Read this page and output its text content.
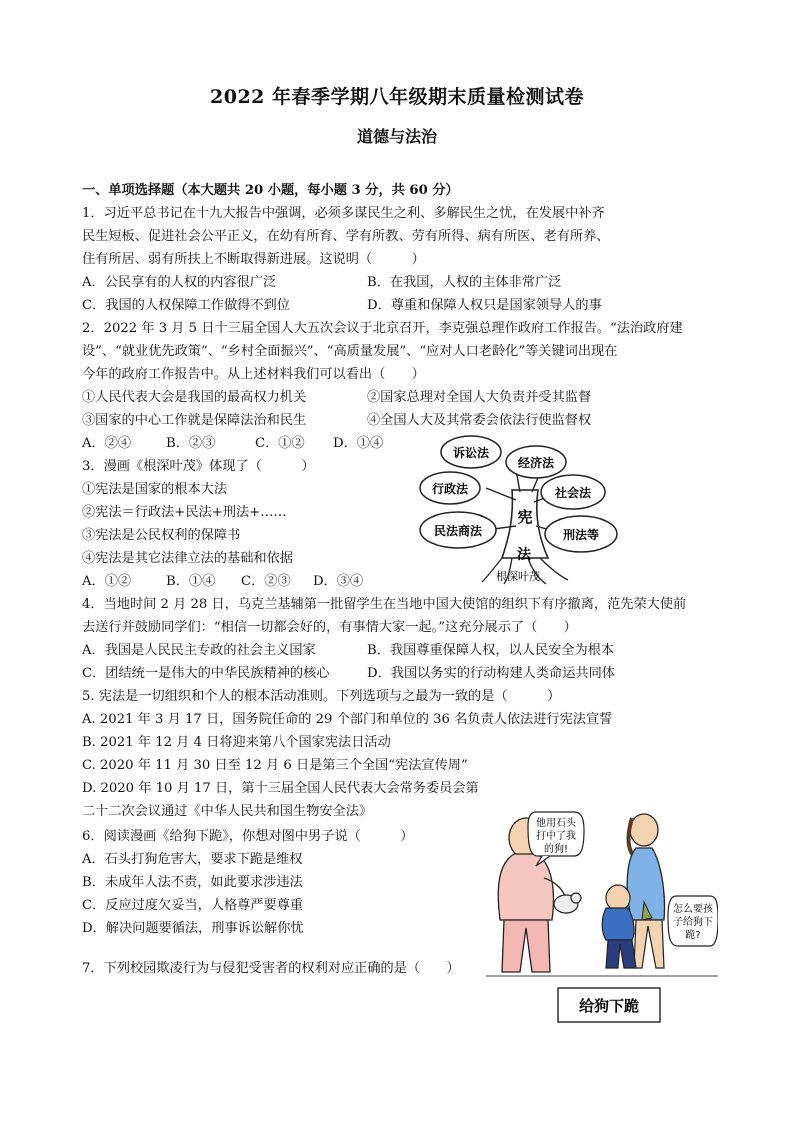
2022 年春季学期八年级期末质量检测试卷
道德与法治
一、单项选择题（本大题共 20 小题，每小题 3 分，共 60 分）
1．习近平总书记在十九大报告中强调，必须多谋民生之利、多解民生之忧，在发展中补齐
民生短板、促进社会公平正义，在幼有所育、学有所教、劳有所得、病有所医、老有所养、
住有所居、弱有所扶上不断取得新进展。这说明（　　　）
A．公民享有的人权的内容很广泛	B．在我国，人权的主体非常广泛
C．我国的人权保障工作做得不到位	D．尊重和保障人权只是国家领导人的事
2．2022 年 3 月 5 日十三届全国人大五次会议于北京召开，李克强总理作政府工作报告。“法治政府建
设”、“就业优先政策”、“乡村全面振兴”、“高质量发展”、“应对人口老龄化”等关键词出现在
今年的政府工作报告中。从上述材料我们可以看出（　　）
①人民代表大会是我国的最高权力机关	②国家总理对全国人大负责并受其监督
③国家的中心工作就是保障法治和民生	④全国人大及其常委会依法行使监督权
A．②④	B．②③	C．①② D．①④
3．漫画《根深叶茂》体现了（　　　）
①宪法是国家的根本大法
②宪法＝行政法+民法+刑法+……
③宪法是公民权利的保障书
④宪法是其它法律立法的基础和依据
A．①②	B．①④ C．②③ D．③④
诉讼法
经济法
行政法	社会法
民法商法	刑法等
宪
法
根深叶茂
4．当地时间 2 月 28 日，乌克兰基辅第一批留学生在当地中国大使馆的组织下有序撤离，范先荣大使前
去送行并鼓励同学们：“相信一切都会好的，有事情大家一起。”这充分展示了（　　）
A．我国是人民民主专政的社会主义国家	B．我国尊重保障人权，以人民安全为根本
C．团结统一是伟大的中华民族精神的核心	D．我国以务实的行动构建人类命运共同体
5. 宪法是一切组织和个人的根本活动准则。下列选项与之最为一致的是（　　　）
A. 2021 年 3 月 17 日，国务院任命的 29 个部门和单位的 36 名负责人依法进行宪法宣誓
B. 2021 年 12 月 4 日将迎来第八个国家宪法日活动
C. 2020 年 11 月 30 日至 12 月 6 日是第三个全国“宪法宣传周”
D. 2020 年 10 月 17 日，第十三届全国人民代表大会常务委员会第
二十二次会议通过《中华人民共和国生物安全法》
6．阅读漫画《给狗下跪》，你想对图中男子说（　　　）
A．石头打狗危害大，要求下跪是维权
B．未成年人法不责，如此要求涉违法
C．反应过度欠妥当，人格尊严要尊重
D．解决问题要循法，刑事诉讼解你忧
7．下列校园欺凌行为与侵犯受害者的权利对应正确的是（　　）
他用石头
打中了我
的狗!
怎么要孩
子给狗下
跪?
给狗下跪
